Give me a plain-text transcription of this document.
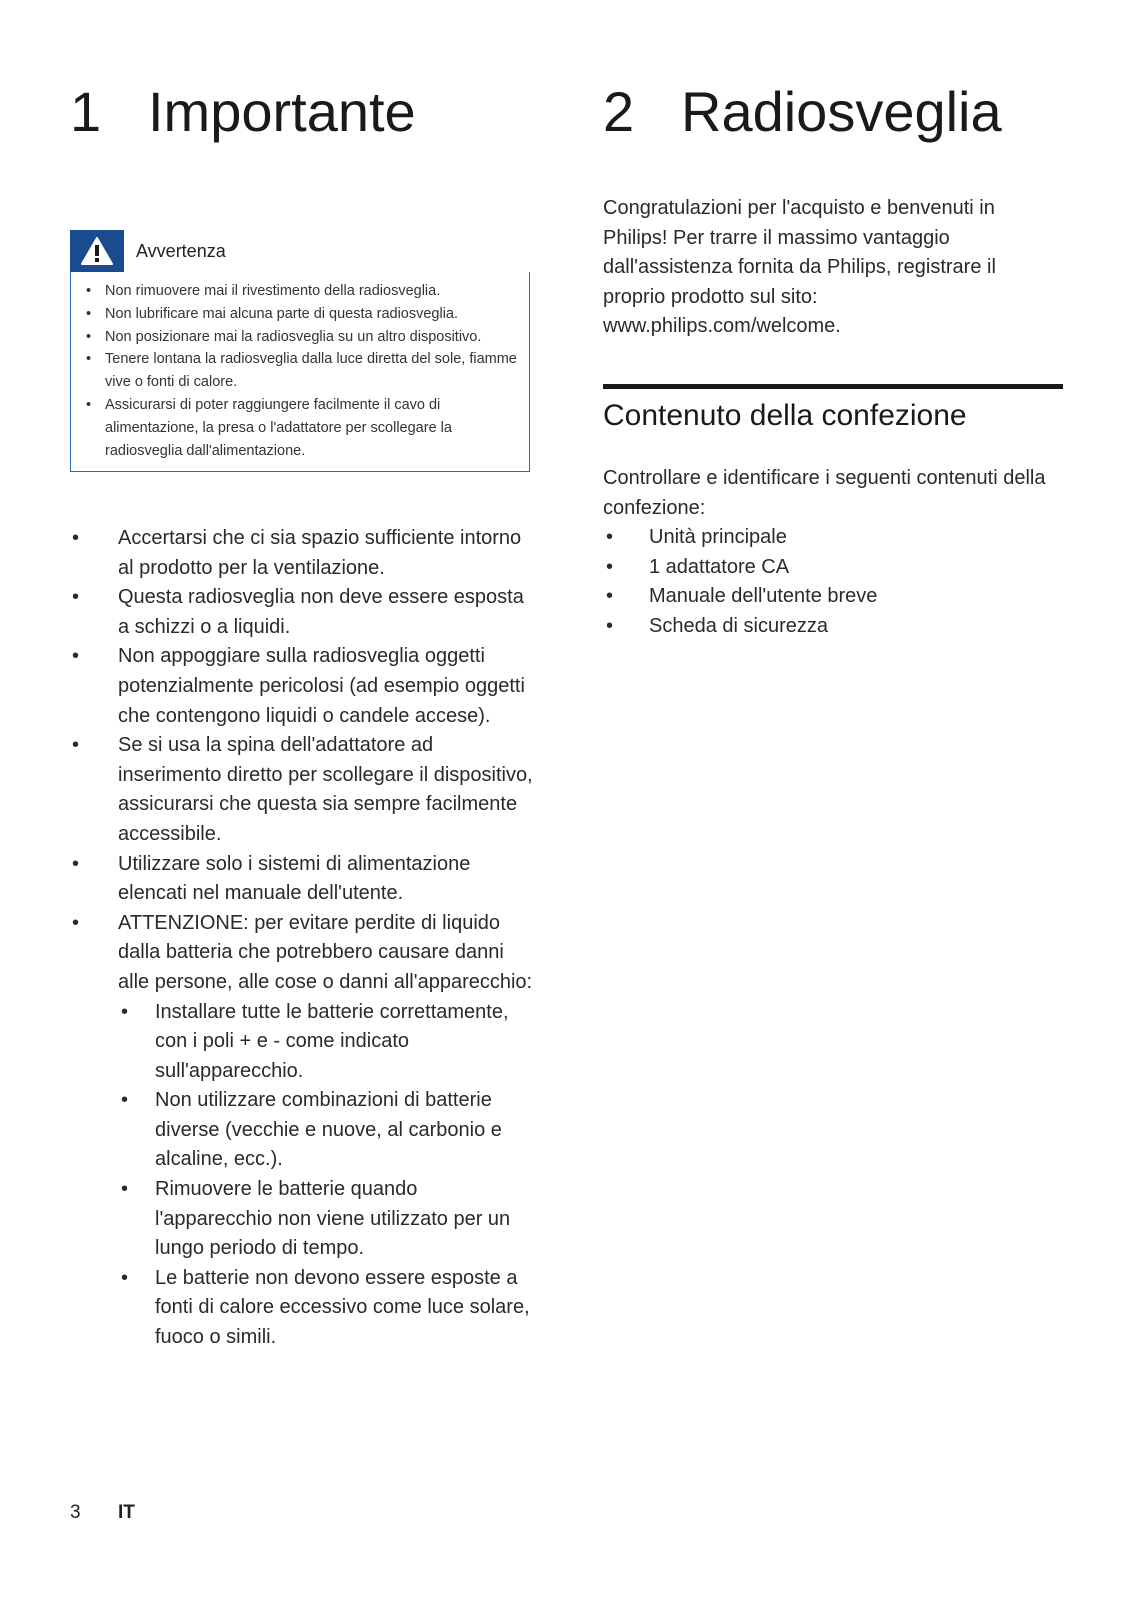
1 Importante
Avvertenza
• Non rimuovere mai il rivestimento della radiosveglia.
• Non lubrificare mai alcuna parte di questa radiosveglia.
• Non posizionare mai la radiosveglia su un altro dispositivo.
• Tenere lontana la radiosveglia dalla luce diretta del sole, fiamme vive o fonti di calore.
• Assicurarsi di poter raggiungere facilmente il cavo di alimentazione, la presa o l'adattatore per scollegare la radiosveglia dall'alimentazione.
• Accertarsi che ci sia spazio sufficiente intorno al prodotto per la ventilazione.
• Questa radiosveglia non deve essere esposta a schizzi o a liquidi.
• Non appoggiare sulla radiosveglia oggetti potenzialmente pericolosi (ad esempio oggetti che contengono liquidi o candele accese).
• Se si usa la spina dell'adattatore ad inserimento diretto per scollegare il dispositivo, assicurarsi che questa sia sempre facilmente accessibile.
• Utilizzare solo i sistemi di alimentazione elencati nel manuale dell'utente.
• ATTENZIONE: per evitare perdite di liquido dalla batteria che potrebbero causare danni alle persone, alle cose o danni all'apparecchio:
• Installare tutte le batterie correttamente, con i poli + e - come indicato sull'apparecchio.
• Non utilizzare combinazioni di batterie diverse (vecchie e nuove, al carbonio e alcaline, ecc.).
• Rimuovere le batterie quando l'apparecchio non viene utilizzato per un lungo periodo di tempo.
• Le batterie non devono essere esposte a fonti di calore eccessivo come luce solare, fuoco o simili.
2 Radiosveglia

Congratulazioni per l'acquisto e benvenuti in Philips! Per trarre il massimo vantaggio dall'assistenza fornita da Philips, registrare il proprio prodotto sul sito: www.philips.com/welcome.

Contenuto della confezione

Controllare e identificare i seguenti contenuti della confezione:

• Unità principale
• 1 adattatore CA
• Manuale dell'utente breve
• Scheda di sicurezza
3	IT
